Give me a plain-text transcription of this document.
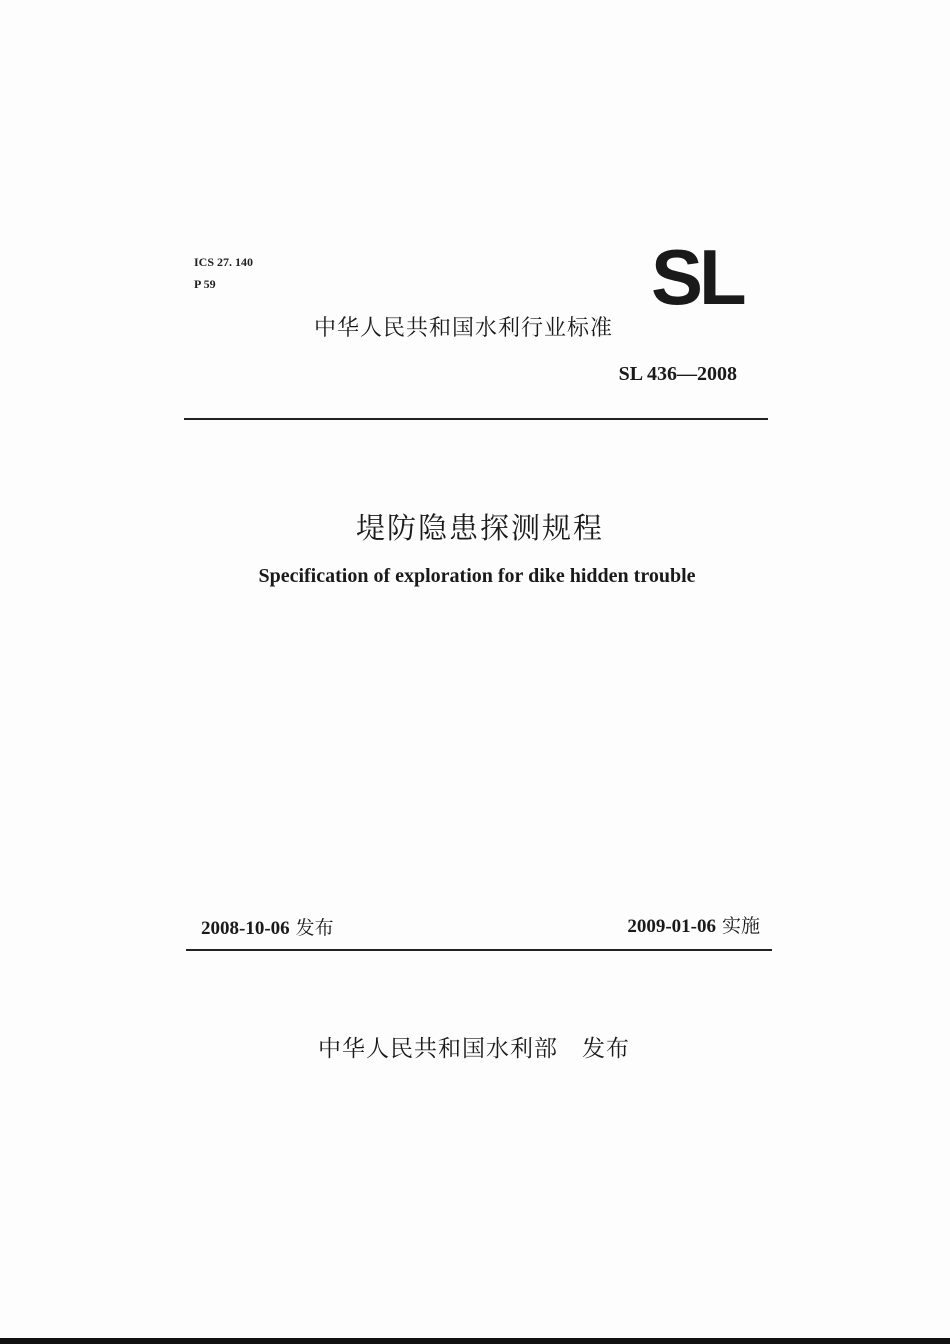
ICS 27. 140
P 59	SL
中华人民共和国水利行业标准
SL 436—2008
堤防隐患探测规程
Specification of exploration for dike hidden trouble
2008-10-06 发布	2009-01-06 实施
中华人民共和国水利部 发布
